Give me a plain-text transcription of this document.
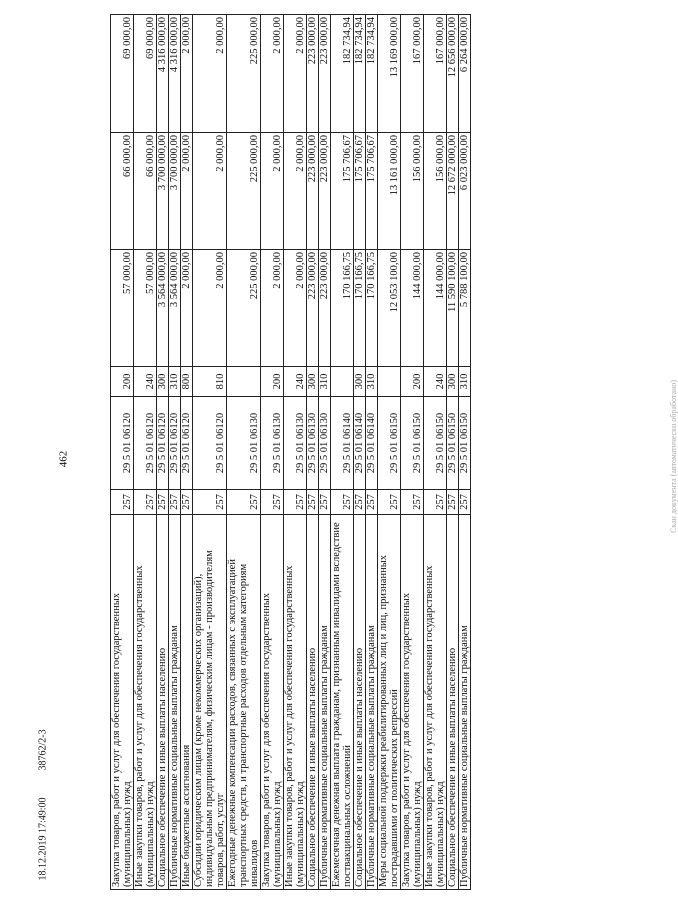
462
18.12.2019 17:49:00
38762/2-3
Скан документа (автоматически обработано)
Закупка товаров, работ и услуг для обеспечения государственных (муниципальных) нужд	257	29 5 01 06120	200	57 000,00	66 000,00	69 000,00
Иные закупки товаров, работ и услуг для обеспечения государственных (муниципальных) нужд	257	29 5 01 06120	240	57 000,00	66 000,00	69 000,00
Социальное обеспечение и иные выплаты населению	257	29 5 01 06120	300	3 564 000,00	3 700 000,00	4 316 000,00
Публичные нормативные социальные выплаты гражданам	257	29 5 01 06120	310	3 564 000,00	3 700 000,00	4 316 000,00
Иные бюджетные ассигнования	257	29 5 01 06120	800	2 000,00	2 000,00	2 000,00
Субсидии юридическим лицам (кроме некоммерческих организаций), индивидуальным предпринимателям, физическим лицам - производителям товаров, работ, услуг	257	29 5 01 06120	810	2 000,00	2 000,00	2 000,00
Ежегодные денежные компенсации расходов, связанных с эксплуатацией транспортных средств, и транспортные расходов отдельным категориям инвалидов	257	29 5 01 06130		225 000,00	225 000,00	225 000,00
Закупка товаров, работ и услуг для обеспечения государственных (муниципальных) нужд	257	29 5 01 06130	200	2 000,00	2 000,00	2 000,00
Иные закупки товаров, работ и услуг для обеспечения государственных (муниципальных) нужд	257	29 5 01 06130	240	2 000,00	2 000,00	2 000,00
Социальное обеспечение и иные выплаты населению	257	29 5 01 06130	300	223 000,00	223 000,00	223 000,00
Публичные нормативные социальные выплаты гражданам	257	29 5 01 06130	310	223 000,00	223 000,00	223 000,00
Ежемесячная денежная выплата гражданам, признанным инвалидами вследствие поствакцинальных осложнений	257	29 5 01 06140		170 166,75	175 706,67	182 734,94
Социальное обеспечение и иные выплаты населению	257	29 5 01 06140	300	170 166,75	175 706,67	182 734,94
Публичные нормативные социальные выплаты гражданам	257	29 5 01 06140	310	170 166,75	175 706,67	182 734,94
Меры социальной поддержки реабилитированных лиц и лиц, признанных пострадавшими от политических репрессий	257	29 5 01 06150		12 053 100,00	13 161 000,00	13 169 000,00
Закупка товаров, работ и услуг для обеспечения государственных (муниципальных) нужд	257	29 5 01 06150	200	144 000,00	156 000,00	167 000,00
Иные закупки товаров, работ и услуг для обеспечения государственных (муниципальных) нужд	257	29 5 01 06150	240	144 000,00	156 000,00	167 000,00
Социальное обеспечение и иные выплаты населению	257	29 5 01 06150	300	11 590 100,00	12 672 000,00	12 656 000,00
Публичные нормативные социальные выплаты гражданам	257	29 5 01 06150	310	5 788 100,00	6 023 000,00	6 264 000,00
